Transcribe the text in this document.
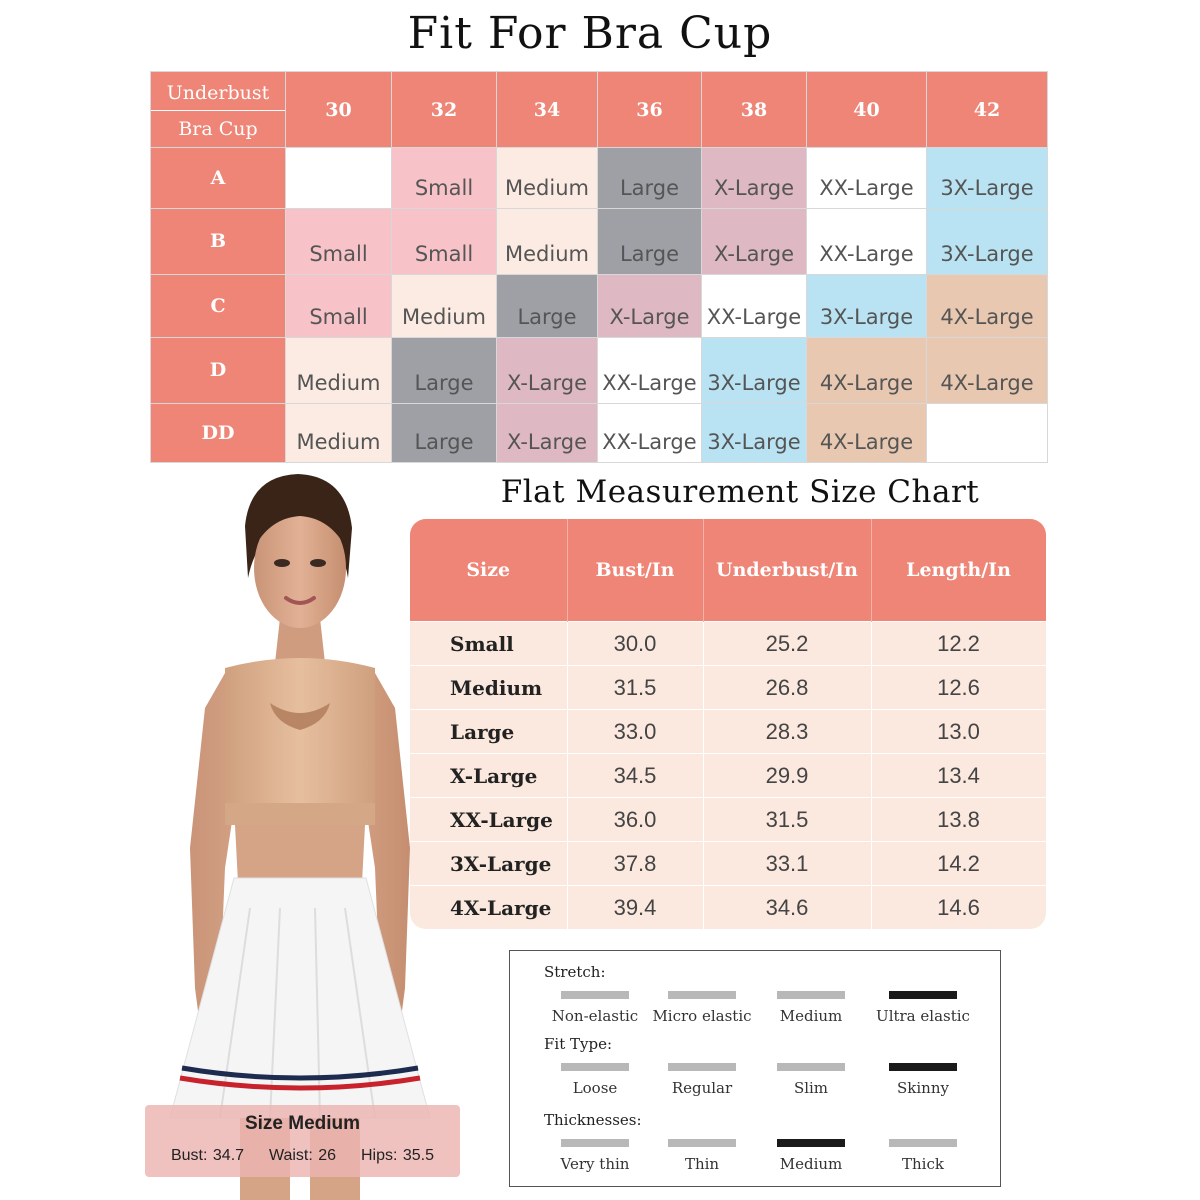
Fit For Bra Cup
Underbust
Bra Cup	30	32	34	36	38	40	42
A		Small	Medium	Large	X-Large	XX-Large	3X-Large
B	Small	Small	Medium	Large	X-Large	XX-Large	3X-Large
C	Small	Medium	Large	X-Large	XX-Large	3X-Large	4X-Large
D	Medium	Large	X-Large	XX-Large	3X-Large	4X-Large	4X-Large
DD	Medium	Large	X-Large	XX-Large	3X-Large	4X-Large	
Size Medium
Bust: 34.7 Waist: 26 Hips: 35.5
Flat Measurement Size Chart
Size	Bust/In	Underbust/In	Length/In
Small	30.0	25.2	12.2
Medium	31.5	26.8	12.6
Large	33.0	28.3	13.0
X-Large	34.5	29.9	13.4
XX-Large	36.0	31.5	13.8
3X-Large	37.8	33.1	14.2
4X-Large	39.4	34.6	14.6
Stretch:
Fit Type:
Thicknesses:
Non-elastic Micro elastic	Medium	Ultra elastic
Loose	Regular	Slim	Skinny
Very thin	Thin	Medium	Thick
